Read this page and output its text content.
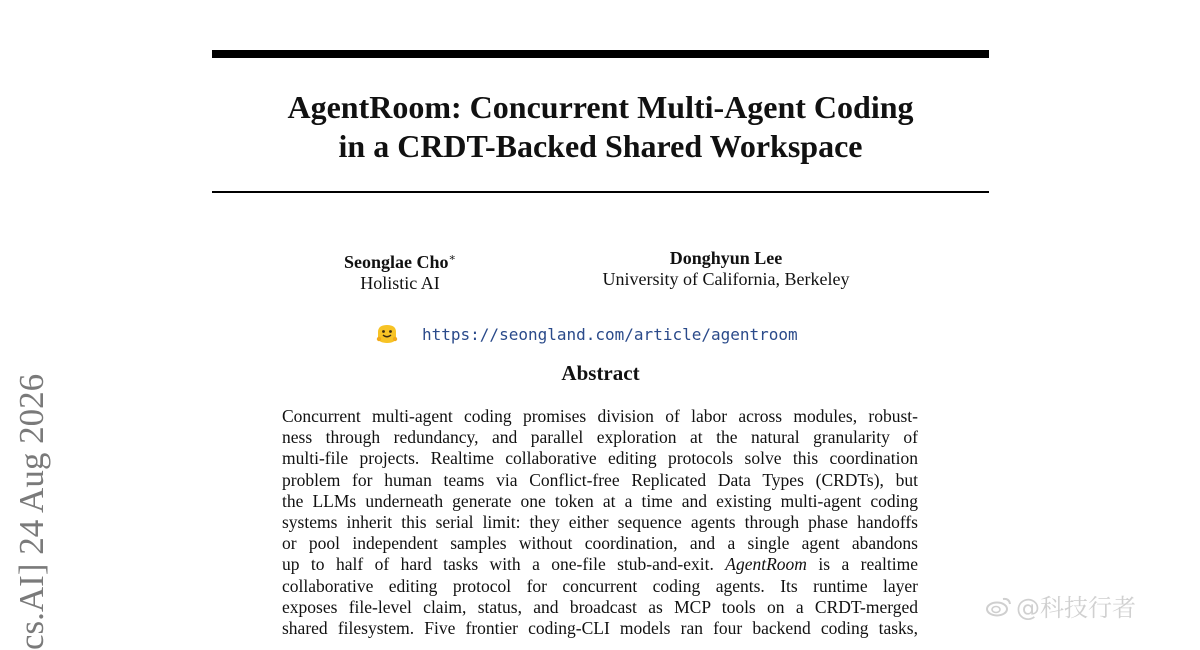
AgentRoom: Concurrent Multi-Agent Coding
in a CRDT-Backed Shared Workspace
Seonglae Cho∗
Holistic AI
Donghyun Lee
University of California, Berkeley
https://seongland.com/article/agentroom
Abstract
Concurrent multi-agent coding promises division of labor across modules, robust-
ness through redundancy, and parallel exploration at the natural granularity of
multi-file projects. Realtime collaborative editing protocols solve this coordination
problem for human teams via Conflict-free Replicated Data Types (CRDTs), but
the LLMs underneath generate one token at a time and existing multi-agent coding
systems inherit this serial limit: they either sequence agents through phase handoffs
or pool independent samples without coordination, and a single agent abandons
up to half of hard tasks with a one-file stub-and-exit. AgentRoom is a realtime
collaborative editing protocol for concurrent coding agents. Its runtime layer
exposes file-level claim, status, and broadcast as MCP tools on a CRDT-merged
shared filesystem. Five frontier coding-CLI models ran four backend coding tasks,
cs.AI] 24 Aug 2026	@科技行者
